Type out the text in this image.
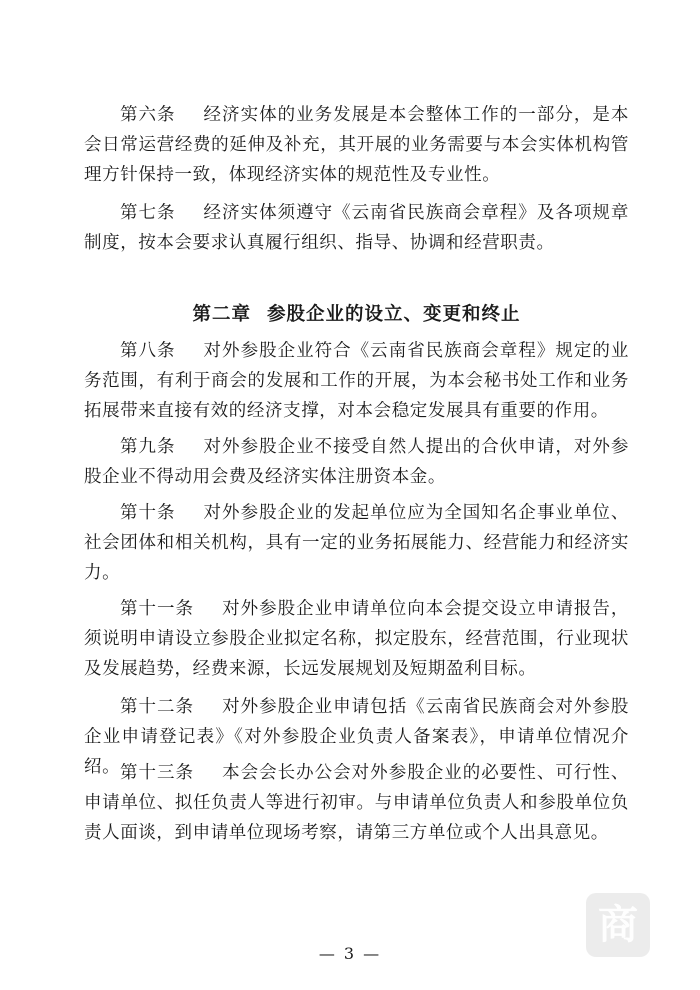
第六条 经济实体的业务发展是本会整体工作的一部分，是本会日常运营经费的延伸及补充，其开展的业务需要与本会实体机构管理方针保持一致，体现经济实体的规范性及专业性。

第七条 经济实体须遵守《云南省民族商会章程》及各项规章制度，按本会要求认真履行组织、指导、协调和经营职责。

第二章 参股企业的设立、变更和终止

第八条 对外参股企业符合《云南省民族商会章程》规定的业务范围，有利于商会的发展和工作的开展，为本会秘书处工作和业务拓展带来直接有效的经济支撑，对本会稳定发展具有重要的作用。

第九条 对外参股企业不接受自然人提出的合伙申请，对外参股企业不得动用会费及经济实体注册资本金。

第十条 对外参股企业的发起单位应为全国知名企事业单位、社会团体和相关机构，具有一定的业务拓展能力、经营能力和经济实力。

第十一条 对外参股企业申请单位向本会提交设立申请报告，须说明申请设立参股企业拟定名称，拟定股东，经营范围，行业现状及发展趋势，经费来源，长远发展规划及短期盈利目标。

第十二条 对外参股企业申请包括《云南省民族商会对外参股企业申请登记表》《对外参股企业负责人备案表》，申请单位情况介绍。 第十三条 本会会长办公会对外参股企业的必要性、可行性、申请单位、拟任负责人等进行初审。与申请单位负责人和参股单位负责人面谈，到申请单位现场考察，请第三方单位或个人出具意见。

— 3 —
商
